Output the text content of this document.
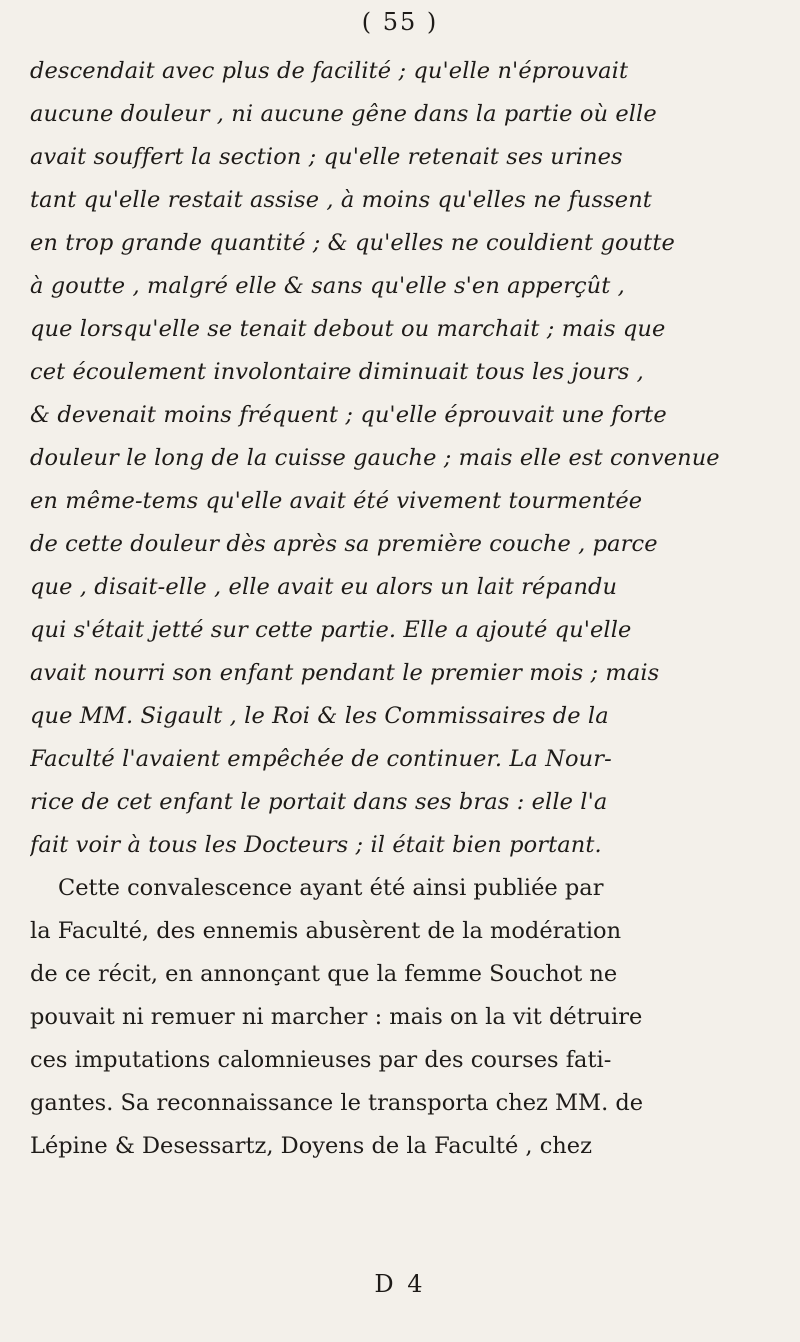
( 55 )
descendait avec plus de facilité ; qu'elle n'éprouvait
aucune douleur , ni aucune gêne dans la partie où elle
avait souffert la section ; qu'elle retenait ses urines
tant qu'elle restait assise , à moins qu'elles ne fussent
en trop grande quantité ; & qu'elles ne couldient goutte
à goutte , malgré elle & sans qu'elle s'en apperçût ,
que lorsqu'elle se tenait debout ou marchait ; mais que
cet écoulement involontaire diminuait tous les jours ,
& devenait moins fréquent ; qu'elle éprouvait une forte
douleur le long de la cuisse gauche ; mais elle est convenue
en même-tems qu'elle avait été vivement tourmentée
de cette douleur dès après sa première couche , parce
que , disait-elle , elle avait eu alors un lait répandu
qui s'était jetté sur cette partie. Elle a ajouté qu'elle
avait nourri son enfant pendant le premier mois ; mais
que MM. Sigault , le Roi & les Commissaires de la
Faculté l'avaient empêchée de continuer. La Nour-
rice de cet enfant le portait dans ses bras : elle l'a
fait voir à tous les Docteurs ; il était bien portant.
Cette convalescence ayant été ainsi publiée par
la Faculté, des ennemis abusèrent de la modération
de ce récit, en annonçant que la femme Souchot ne
pouvait ni remuer ni marcher : mais on la vit détruire
ces imputations calomnieuses par des courses fati-
gantes. Sa reconnaissance le transporta chez MM. de
Lépine & Desessartz, Doyens de la Faculté , chez
D 4
